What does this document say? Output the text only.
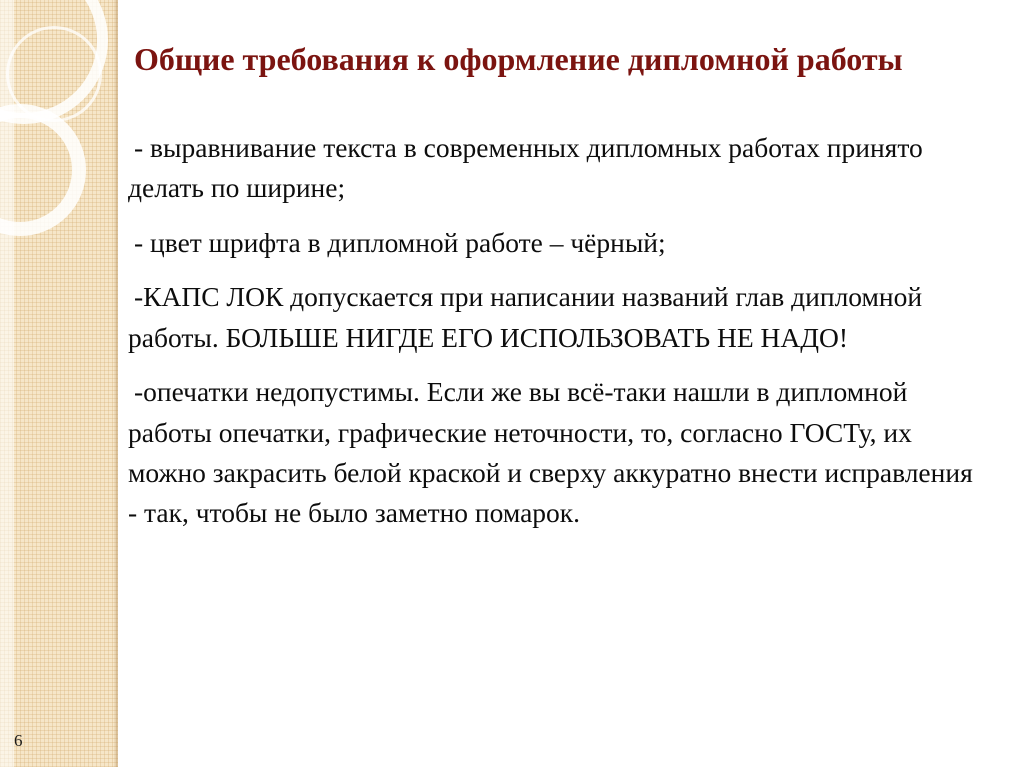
Общие требования к оформление дипломной работы

- выравнивание текста в современных дипломных работах принято делать по ширине;

- цвет шрифта в дипломной работе – чёрный;

-КАПС ЛОК допускается при написании названий глав дипломной работы. БОЛЬШЕ НИГДЕ ЕГО ИСПОЛЬЗОВАТЬ НЕ НАДО!

-опечатки недопустимы. Если же вы всё-таки нашли в дипломной работы опечатки, графические неточности, то, согласно ГОСТу, их можно закрасить белой краской и сверху аккуратно внести исправления - так, чтобы не было заметно помарок.

6
